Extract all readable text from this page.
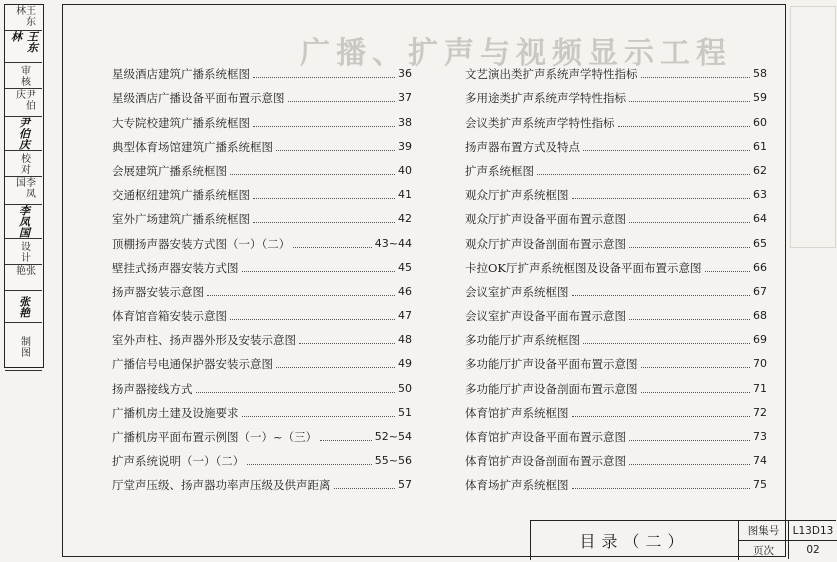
广播、扩声与视频显示工程
王东林
王东林
审核
尹伯庆
尹伯庆
校对
李凤国
李凤国
设计
张 艳
张艳
制图
星级酒店建筑广播系统框图	36
星级酒店广播设备平面布置示意图	37
大专院校建筑广播系统框图	38
典型体育场馆建筑广播系统框图	39
会展建筑广播系统框图	40
交通枢纽建筑广播系统框图	41
室外广场建筑广播系统框图	42
顶棚扬声器安装方式图（一）（二）	43~44
壁挂式扬声器安装方式图	45
扬声器安装示意图	46
体育馆音箱安装示意图	47
室外声柱、扬声器外形及安装示意图	48
广播信号电通保护器安装示意图	49
扬声器接线方式	50
广播机房土建及设施要求	51
广播机房平面布置示例图（一）~（三）	52~54
扩声系统说明（一）（二）	55~56
厅堂声压级、扬声器功率声压级及供声距离	57
文艺演出类扩声系统声学特性指标	58
多用途类扩声系统声学特性指标	59
会议类扩声系统声学特性指标	60
扬声器布置方式及特点	61
扩声系统框图	62
观众厅扩声系统框图	63
观众厅扩声设备平面布置示意图	64
观众厅扩声设备剖面布置示意图	65
卡拉OK厅扩声系统框图及设备平面布置示意图	66
会议室扩声系统框图	67
会议室扩声设备平面布置示意图	68
多功能厅扩声系统框图	69
多功能厅扩声设备平面布置示意图	70
多功能厅扩声设备剖面布置示意图	71
体育馆扩声系统框图	72
体育馆扩声设备平面布置示意图	73
体育馆扩声设备剖面布置示意图	74
体育场扩声系统框图	75
目录（二）
图集号	L13D13
页次	02
